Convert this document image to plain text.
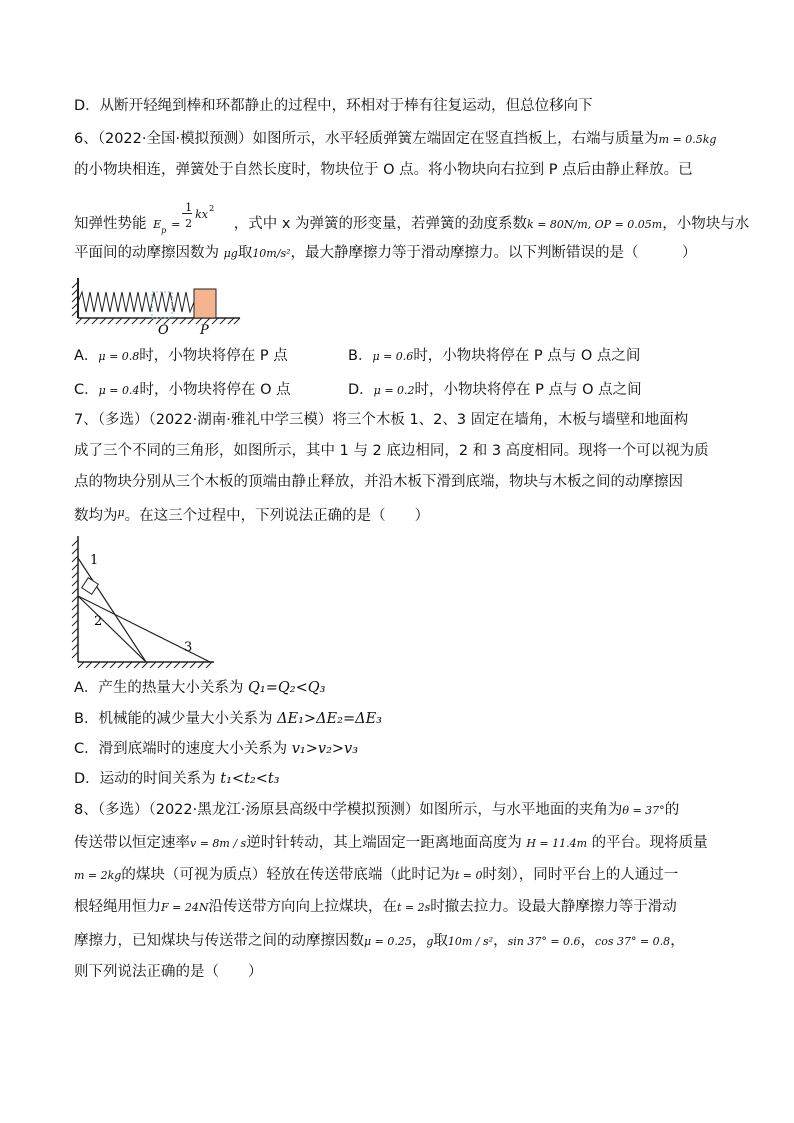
D．从断开轻绳到棒和环都静止的过程中，环相对于棒有往复运动，但总位移向下
6、（2022·全国·模拟预测）如图所示，水平轻质弹簧左端固定在竖直挡板上，右端与质量为m = 0.5kg
的小物块相连，弹簧处于自然长度时，物块位于 O 点。将小物块向右拉到 P 点后由静止释放。已
知弹性势能 E p =
1
2
kx 2
，式中 x 为弹簧的形变量，若弹簧的劲度系数k = 80N/m, OP = 0.05m，小物块与水
平面间的动摩擦因数为 μg取10m/s²，最大静摩擦力等于滑动摩擦力。以下判断错误的是（　　　）
O P
A．μ = 0.8时，小物块将停在 P 点	B．μ = 0.6时，小物块将停在 P 点与 O 点之间
C．μ = 0.4时，小物块将停在 O 点	D．μ = 0.2时，小物块将停在 P 点与 O 点之间
7、（多选）（2022·湖南·雅礼中学三模）将三个木板 1、2、3 固定在墙角，木板与墙壁和地面构
成了三个不同的三角形，如图所示，其中 1 与 2 底边相同，2 和 3 高度相同。现将一个可以视为质
点的物块分别从三个木板的顶端由静止释放，并沿木板下滑到底端，物块与木板之间的动摩擦因
数均为$^\mu$。在这三个过程中，下列说法正确的是（　　）
1
2
3
A．产生的热量大小关系为 Q₁=Q₂<Q₃
B．机械能的减少量大小关系为 ΔE₁>ΔE₂=ΔE₃
C．滑到底端时的速度大小关系为 v₁>v₂>v₃
D．运动的时间关系为 t₁<t₂<t₃
8、（多选）（2022·黑龙江·汤原县高级中学模拟预测）如图所示，与水平地面的夹角为θ = 37°的
传送带以恒定速率v = 8m / s逆时针转动，其上端固定一距离地面高度为 H = 11.4m 的平台。现将质量
m = 2kg的煤块（可视为质点）轻放在传送带底端（此时记为t = 0时刻），同时平台上的人通过一
根轻绳用恒力F = 24N沿传送带方向向上拉煤块，在t = 2s时撤去拉力。设最大静摩擦力等于滑动
摩擦力，已知煤块与传送带之间的动摩擦因数μ = 0.25，g取10m / s²，sin 37° = 0.6，cos 37° = 0.8，
则下列说法正确的是（　　）
